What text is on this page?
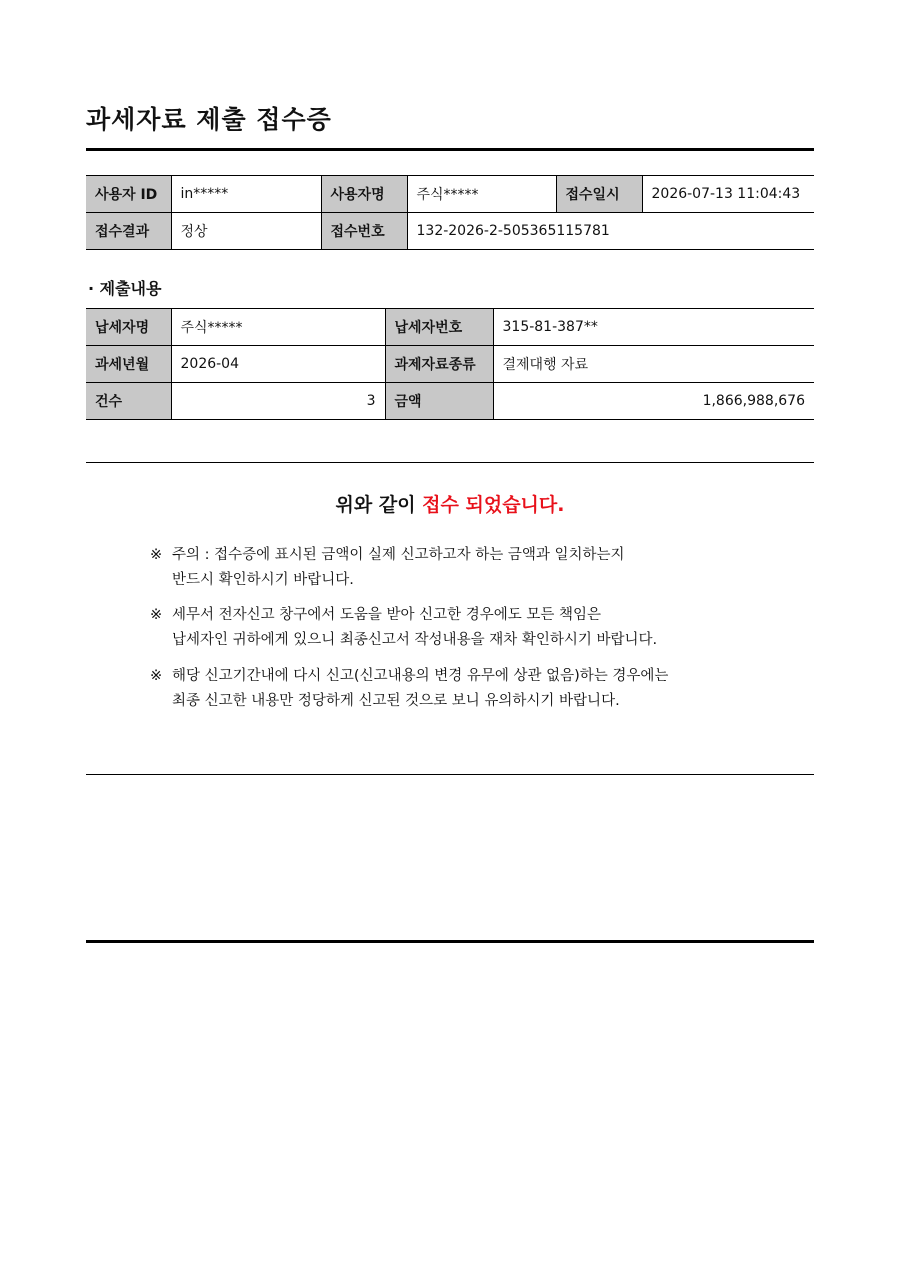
과세자료 제출 접수증
사용자 ID	in*****	사용자명	주식*****	접수일시	2026-07-13 11:04:43
접수결과	정상	접수번호	132-2026-2-505365115781		
· 제출내용
납세자명	주식*****	납세자번호	315-81-387**
과세년월	2026-04	과제자료종류	결제대행 자료
건수	3	금액	1,866,988,676
위와 같이 접수 되었습니다.
※ 주의 : 접수증에 표시된 금액이 실제 신고하고자 하는 금액과 일치하는지
반드시 확인하시기 바랍니다.
※ 세무서 전자신고 창구에서 도움을 받아 신고한 경우에도 모든 책임은
납세자인 귀하에게 있으니 최종신고서 작성내용을 재차 확인하시기 바랍니다.
※ 해당 신고기간내에 다시 신고(신고내용의 변경 유무에 상관 없음)하는 경우에는
최종 신고한 내용만 정당하게 신고된 것으로 보니 유의하시기 바랍니다.
